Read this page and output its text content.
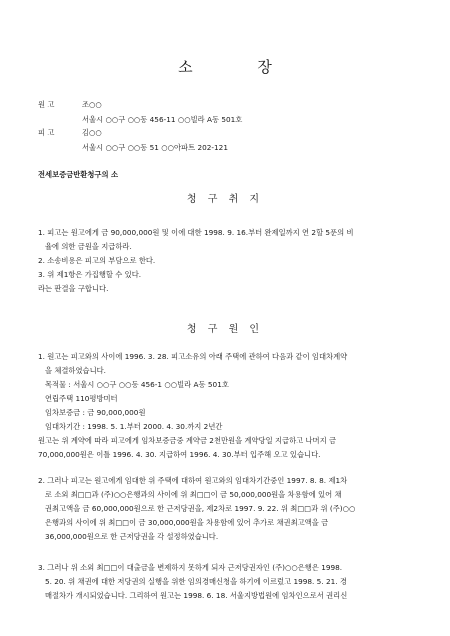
소 장
원 고	조○○
서울시 ○○구 ○○동 456-11 ○○빌라 A동 501호
피 고	김○○
서울시 ○○구 ○○동 51 ○○아파트 202-121
전세보증금반환청구의 소
청 구 취 지
1. 피고는 원고에게 금 90,000,000원 및 이에 대한 1998. 9. 16.부터 완제일까지 연 2할 5푼의 비
율에 의한 금원을 지급하라.
2. 소송비용은 피고의 부담으로 한다.
3. 위 제1항은 가집행할 수 있다.
라는 판결을 구합니다.
청 구 원 인
1. 원고는 피고와의 사이에 1996. 3. 28. 피고소유의 아래 주택에 관하여 다음과 같이 임대차계약
을 체결하였습니다.
목적물 : 서울시 ○○구 ○○동 456-1 ○○빌라 A동 501호
연립주택 110평방미터
임차보증금 : 금 90,000,000원
임대차기간 : 1998. 5. 1.부터 2000. 4. 30.까지 2년간
원고는 위 계약에 따라 피고에게 임차보증금중 계약금 2천만원을 계약당일 지급하고 나머지 금
70,000,000원은 이틀 1996. 4. 30. 지급하여 1996. 4. 30.부터 입주해 오고 있습니다.
2. 그러나 피고는 원고에게 임대한 위 주택에 대하여 원고와의 임대차기간중인 1997. 8. 8. 제1차
로 소외 최□□과 (주)○○은행과의 사이에 위 최□□이 금 50,000,000원을 차용함에 있어 채
권최고액을 금 60,000,000원으로 한 근저당권을, 제2차로 1997. 9. 22. 위 최□□과 위 (주)○○
은행과의 사이에 위 최□□이 금 30,000,000원을 차용함에 있어 추가로 채권최고액을 금
36,000,000원으로 한 근저당권을 각 설정하였습니다.
3. 그러나 위 소외 최□□이 대출금을 변제하지 못하게 되자 근저당권자인 (주)○○은행은 1998.
5. 20. 위 채권에 대한 저당권의 실행을 위한 임의경매신청을 하기에 이르렀고 1998. 5. 21. 경
매절차가 개시되었습니다. 그리하여 원고는 1998. 6. 18. 서울지방법원에 임차인으로서 권리신
